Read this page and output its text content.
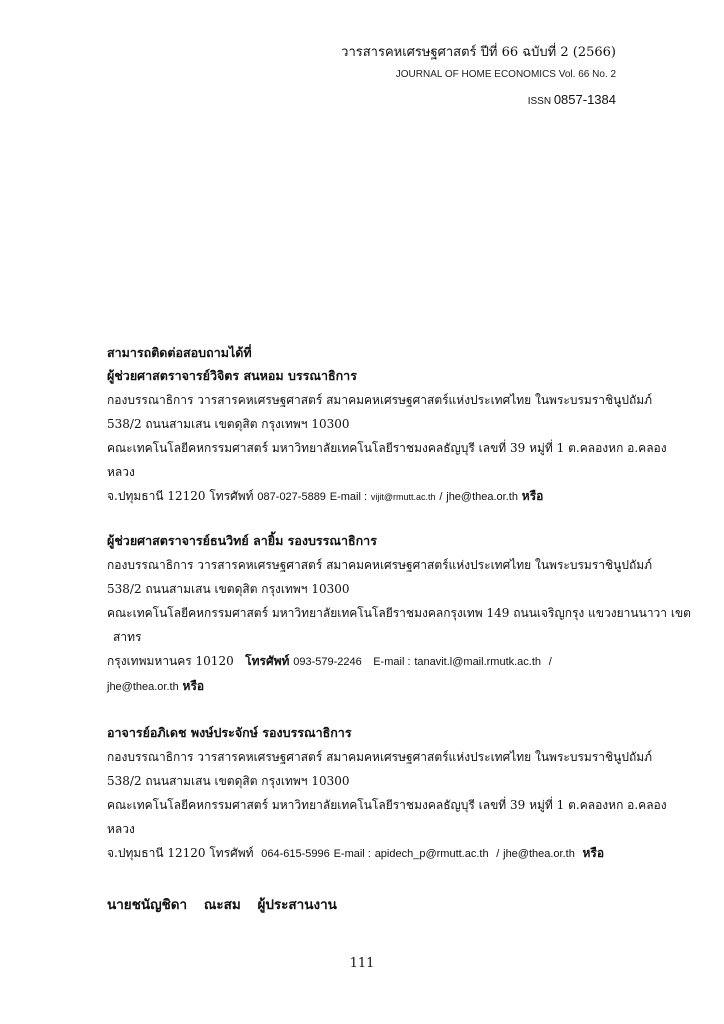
วารสารคหเศรษฐศาสตร์ ปีที่ 66 ฉบับที่ 2 (2566)
JOURNAL OF HOME ECONOMICS Vol. 66 No. 2
ISSN 0857-1384
สามารถติดต่อสอบถามได้ที่
ผู้ช่วยศาสตราจารย์วิจิตร สนหอม บรรณาธิการ
กองบรรณาธิการ วารสารคหเศรษฐศาสตร์ สมาคมคหเศรษฐศาสตร์แห่งประเทศไทย ในพระบรมราชินูปถัมภ์
538/2 ถนนสามเสน เขตดุสิต กรุงเทพฯ 10300
คณะเทคโนโลยีคหกรรมศาสตร์ มหาวิทยาลัยเทคโนโลยีราชมงคลธัญบุรี เลขที่ 39 หมู่ที่ 1 ต.คลองหก อ.คลอง
หลวง
จ.ปทุมธานี 12120 โทรศัพท์ 087-027-5889 E-mail : vijit@rmutt.ac.th / jhe@thea.or.th หรือ
ผู้ช่วยศาสตราจารย์ธนวิทย์ ลายิ้ม รองบรรณาธิการ
กองบรรณาธิการ วารสารคหเศรษฐศาสตร์ สมาคมคหเศรษฐศาสตร์แห่งประเทศไทย ในพระบรมราชินูปถัมภ์
538/2 ถนนสามเสน เขตดุสิต กรุงเทพฯ 10300
คณะเทคโนโลยีคหกรรมศาสตร์ มหาวิทยาลัยเทคโนโลยีราชมงคลกรุงเทพ 149 ถนนเจริญกรุง แขวงยานนาวา เขต
สาทร
กรุงเทพมหานคร 10120 โทรศัพท์ 093-579-2246 E-mail : tanavit.l@mail.rmutk.ac.th /
jhe@thea.or.th หรือ
อาจารย์อภิเดช พงษ์ประจักษ์ รองบรรณาธิการ
กองบรรณาธิการ วารสารคหเศรษฐศาสตร์ สมาคมคหเศรษฐศาสตร์แห่งประเทศไทย ในพระบรมราชินูปถัมภ์
538/2 ถนนสามเสน เขตดุสิต กรุงเทพฯ 10300
คณะเทคโนโลยีคหกรรมศาสตร์ มหาวิทยาลัยเทคโนโลยีราชมงคลธัญบุรี เลขที่ 39 หมู่ที่ 1 ต.คลองหก อ.คลอง
หลวง
จ.ปทุมธานี 12120 โทรศัพท์ 064-615-5996 E-mail : apidech_p@rmutt.ac.th / jhe@thea.or.th หรือ
นายชนัญชิดา ณะสม ผู้ประสานงาน
111
